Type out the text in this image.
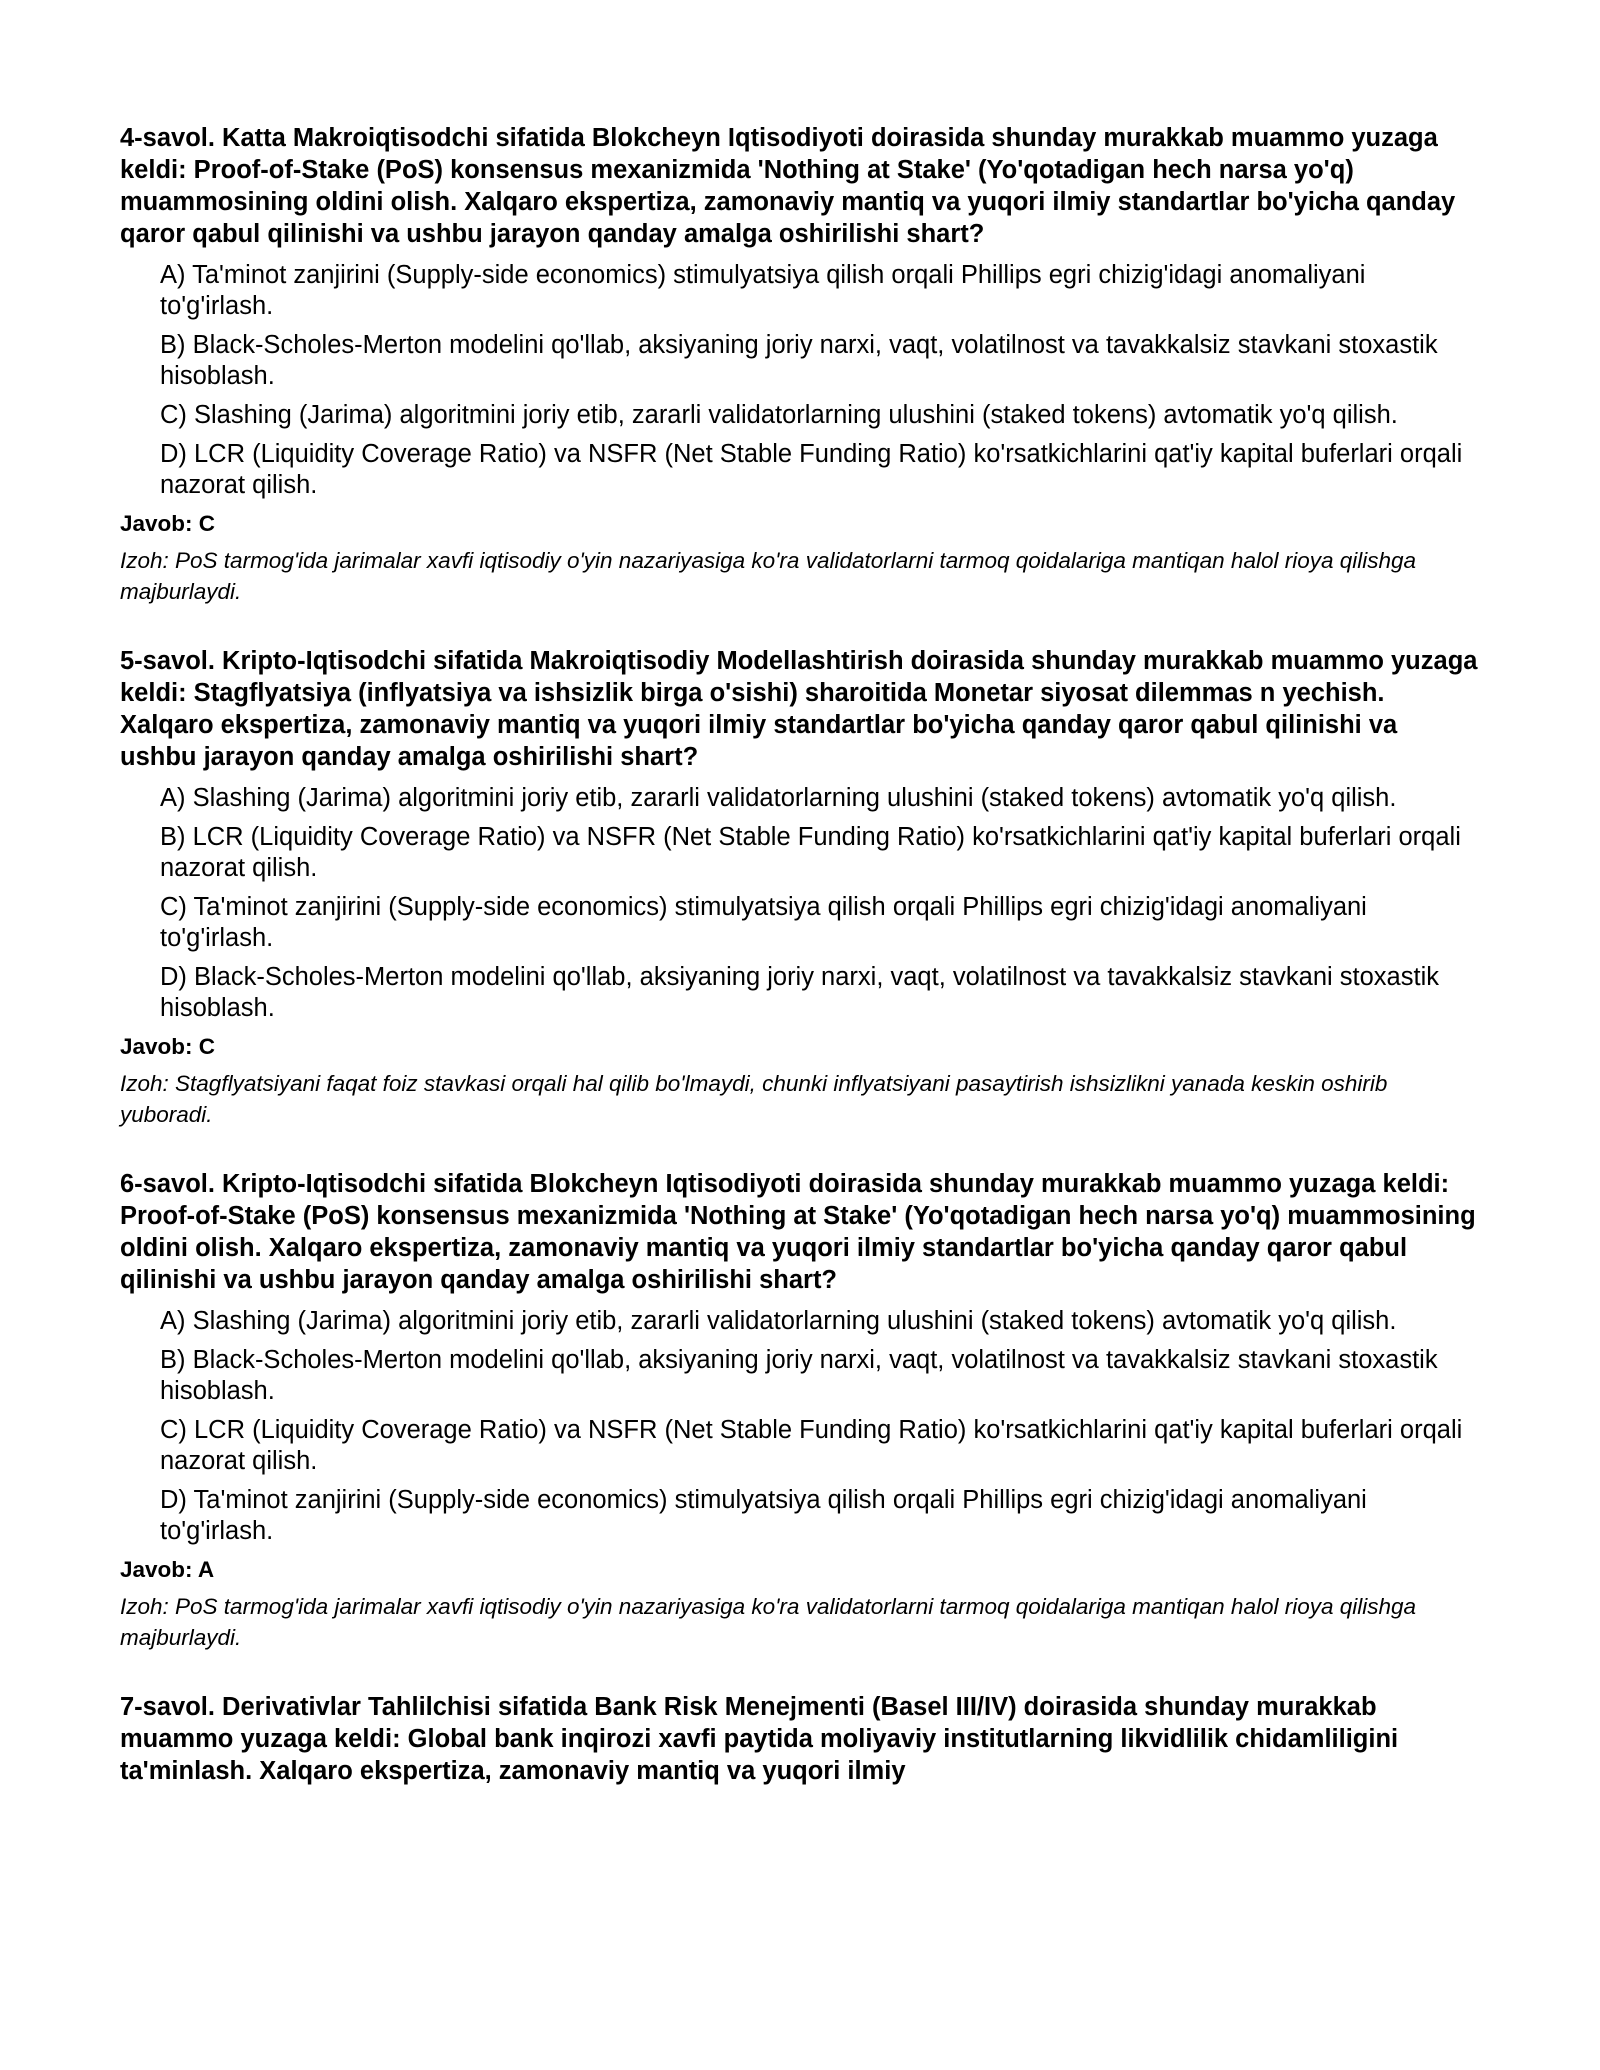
4-savol. Katta Makroiqtisodchi sifatida Blokcheyn Iqtisodiyoti doirasida shunday murakkab muammo yuzaga keldi: Proof-of-Stake (PoS) konsensus mexanizmida 'Nothing at Stake' (Yo'qotadigan hech narsa yo'q) muammosining oldini olish. Xalqaro ekspertiza, zamonaviy mantiq va yuqori ilmiy standartlar bo'yicha qanday qaror qabul qilinishi va ushbu jarayon qanday amalga oshirilishi shart?

A) Ta'minot zanjirini (Supply-side economics) stimulyatsiya qilish orqali Phillips egri chizig'idagi anomaliyani to'g'irlash.
B) Black-Scholes-Merton modelini qo'llab, aksiyaning joriy narxi, vaqt, volatilnost va tavakkalsiz stavkani stoxastik hisoblash.
C) Slashing (Jarima) algoritmini joriy etib, zararli validatorlarning ulushini (staked tokens) avtomatik yo'q qilish.
D) LCR (Liquidity Coverage Ratio) va NSFR (Net Stable Funding Ratio) ko'rsatkichlarini qat'iy kapital buferlari orqali nazorat qilish.
Javob: C

Izoh: PoS tarmog'ida jarimalar xavfi iqtisodiy o'yin nazariyasiga ko'ra validatorlarni tarmoq qoidalariga mantiqan halol rioya qilishga majburlaydi.

5-savol. Kripto-Iqtisodchi sifatida Makroiqtisodiy Modellashtirish doirasida shunday murakkab muammo yuzaga keldi: Stagflyatsiya (inflyatsiya va ishsizlik birga o'sishi) sharoitida Monetar siyosat dilemmas n yechish. Xalqaro ekspertiza, zamonaviy mantiq va yuqori ilmiy standartlar bo'yicha qanday qaror qabul qilinishi va ushbu jarayon qanday amalga oshirilishi shart?

A) Slashing (Jarima) algoritmini joriy etib, zararli validatorlarning ulushini (staked tokens) avtomatik yo'q qilish.
B) LCR (Liquidity Coverage Ratio) va NSFR (Net Stable Funding Ratio) ko'rsatkichlarini qat'iy kapital buferlari orqali nazorat qilish.
C) Ta'minot zanjirini (Supply-side economics) stimulyatsiya qilish orqali Phillips egri chizig'idagi anomaliyani to'g'irlash.
D) Black-Scholes-Merton modelini qo'llab, aksiyaning joriy narxi, vaqt, volatilnost va tavakkalsiz stavkani stoxastik hisoblash.
Javob: C

Izoh: Stagflyatsiyani faqat foiz stavkasi orqali hal qilib bo'lmaydi, chunki inflyatsiyani pasaytirish ishsizlikni yanada keskin oshirib yuboradi.

6-savol. Kripto-Iqtisodchi sifatida Blokcheyn Iqtisodiyoti doirasida shunday murakkab muammo yuzaga keldi: Proof-of-Stake (PoS) konsensus mexanizmida 'Nothing at Stake' (Yo'qotadigan hech narsa yo'q) muammosining oldini olish. Xalqaro ekspertiza, zamonaviy mantiq va yuqori ilmiy standartlar bo'yicha qanday qaror qabul qilinishi va ushbu jarayon qanday amalga oshirilishi shart?

A) Slashing (Jarima) algoritmini joriy etib, zararli validatorlarning ulushini (staked tokens) avtomatik yo'q qilish.
B) Black-Scholes-Merton modelini qo'llab, aksiyaning joriy narxi, vaqt, volatilnost va tavakkalsiz stavkani stoxastik hisoblash.
C) LCR (Liquidity Coverage Ratio) va NSFR (Net Stable Funding Ratio) ko'rsatkichlarini qat'iy kapital buferlari orqali nazorat qilish.
D) Ta'minot zanjirini (Supply-side economics) stimulyatsiya qilish orqali Phillips egri chizig'idagi anomaliyani to'g'irlash.
Javob: A

Izoh: PoS tarmog'ida jarimalar xavfi iqtisodiy o'yin nazariyasiga ko'ra validatorlarni tarmoq qoidalariga mantiqan halol rioya qilishga majburlaydi.

7-savol. Derivativlar Tahlilchisi sifatida Bank Risk Menejmenti (Basel III/IV) doirasida shunday murakkab muammo yuzaga keldi: Global bank inqirozi xavfi paytida moliyaviy institutlarning likvidlilik chidamliligini ta'minlash. Xalqaro ekspertiza, zamonaviy mantiq va yuqori ilmiy
